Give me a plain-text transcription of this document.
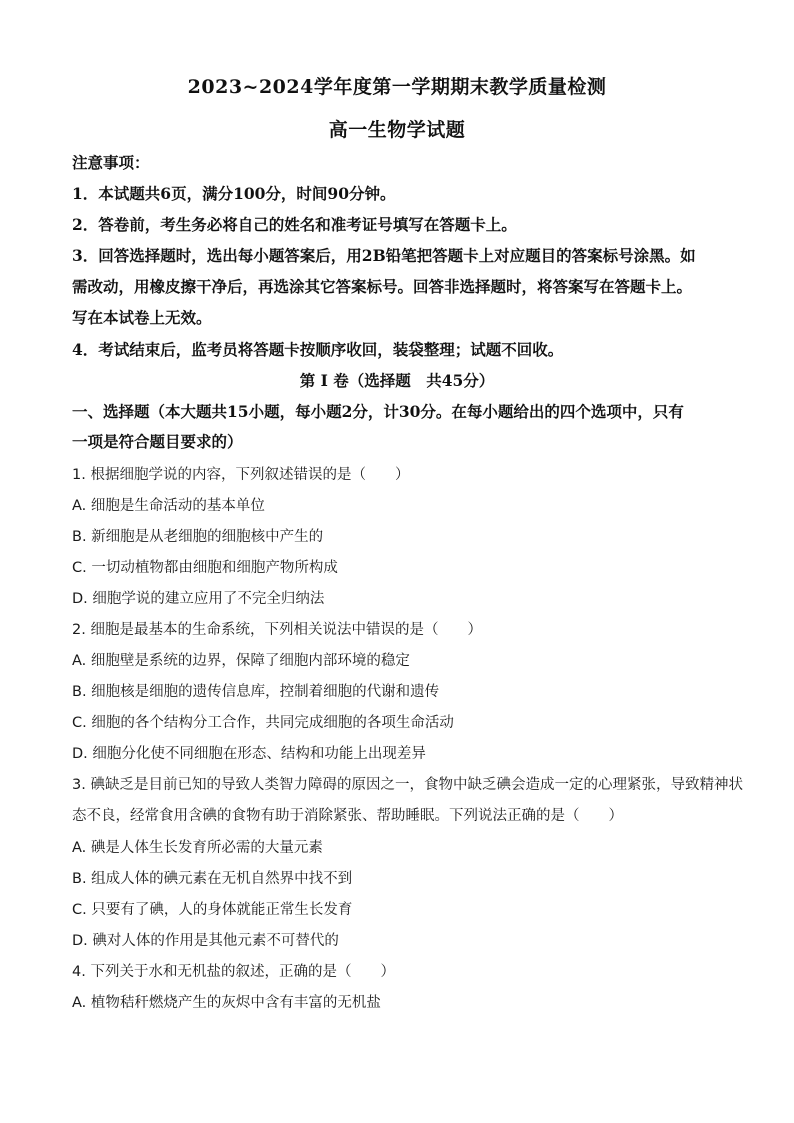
2023~2024学年度第一学期期末教学质量检测
高一生物学试题
注意事项：
1．本试题共6页，满分100分，时间90分钟。
2．答卷前，考生务必将自己的姓名和准考证号填写在答题卡上。
3．回答选择题时，选出每小题答案后，用2B铅笔把答题卡上对应题目的答案标号涂黑。如
需改动，用橡皮擦干净后，再选涂其它答案标号。回答非选择题时，将答案写在答题卡上。
写在本试卷上无效。
4．考试结束后，监考员将答题卡按顺序收回，装袋整理；试题不回收。
第 I 卷（选择题　共45分）
一、选择题（本大题共15小题，每小题2分，计30分。在每小题给出的四个选项中，只有
一项是符合题目要求的）
1. 根据细胞学说的内容，下列叙述错误的是（　　）
A. 细胞是生命活动的基本单位
B. 新细胞是从老细胞的细胞核中产生的
C. 一切动植物都由细胞和细胞产物所构成
D. 细胞学说的建立应用了不完全归纳法
2. 细胞是最基本的生命系统，下列相关说法中错误的是（　　）
A. 细胞壁是系统的边界，保障了细胞内部环境的稳定
B. 细胞核是细胞的遗传信息库，控制着细胞的代谢和遗传
C. 细胞的各个结构分工合作，共同完成细胞的各项生命活动
D. 细胞分化使不同细胞在形态、结构和功能上出现差异
3. 碘缺乏是目前已知的导致人类智力障碍的原因之一，食物中缺乏碘会造成一定的心理紧张，导致精神状
态不良，经常食用含碘的食物有助于消除紧张、帮助睡眠。下列说法正确的是（　　）
A. 碘是人体生长发育所必需的大量元素
B. 组成人体的碘元素在无机自然界中找不到
C. 只要有了碘，人的身体就能正常生长发育
D. 碘对人体的作用是其他元素不可替代的
4. 下列关于水和无机盐的叙述，正确的是（　　）
A. 植物秸秆燃烧产生的灰烬中含有丰富的无机盐
